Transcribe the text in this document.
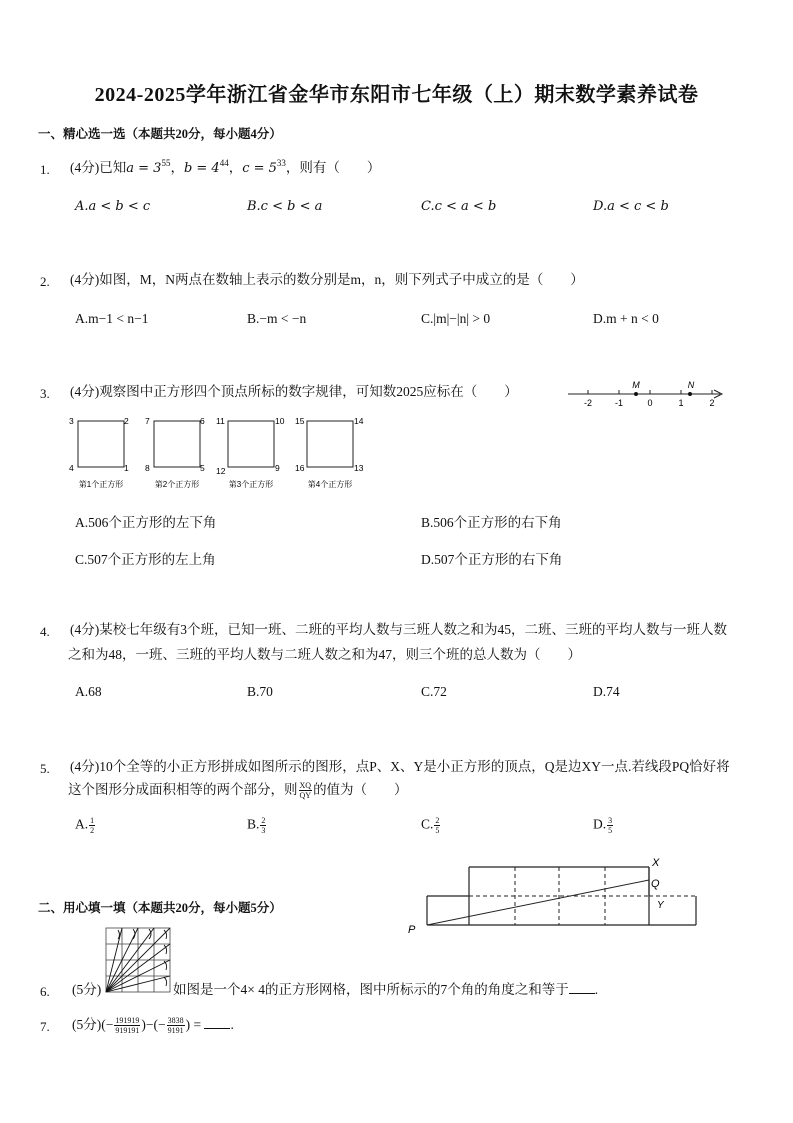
2024-2025学年浙江省金华市东阳市七年级（上）期末数学素养试卷
一、精心选一选（本题共20分，每小题4分）
1. (4分)已知$a = 3^{55}$，$b = 4^{44}$，$c = 5^{33}$，则有（　　）
A.a < b < c	B.c < b < a	C.c < a < b	D.a < c < b
2. (4分)如图，M，N两点在数轴上表示的数分别是m，n，则下列式子中成立的是（　　）
A.m−1 < n−1	B.−m < −n	C.|m|−|n| > 0	D.m + n < 0
-2	-1	0	1	2
M	N
3. (4分)观察图中正方形四个顶点所标的数字规律，可知数2025应标在（　　）
3	2
4	1
第1个正方形
7	6
8	5
第2个正方形
11	10
12	9
第3个正方形
15	14
16	13
第4个正方形
A.506个正方形的左下角	B.506个正方形的右下角
C.507个正方形的左上角	D.507个正方形的右下角
4. (4分)某校七年级有3个班，已知一班、二班的平均人数与三班人数之和为45，二班、三班的平均人数与一班人数
之和为48，一班、三班的平均人数与二班人数之和为47，则三个班的总人数为（　　）
A.68	B.70	C.72	D.74
5. (4分)10个全等的小正方形拼成如图所示的图形，点P、X、Y是小正方形的顶点，Q是边XY一点.若线段PQ恰好将
这个图形分成面积相等的两个部分，则 $\frac{XQ}{QY}$ 的值为（　　）
A. $\frac{1}{2}$	B. $\frac{2}{3}$	C. $\frac{2}{5}$	D. $\frac{3}{5}$
X
Q
Y
P
二、用心填一填（本题共20分，每小题5分）
6. (5分)	如图是一个4× 4的正方形网格，图中所标示的7个角的角度之和等于 .
7. (5分)(− $\frac{191919}{919191}$ )−(− $\frac{3838}{9191}$ ) = .
